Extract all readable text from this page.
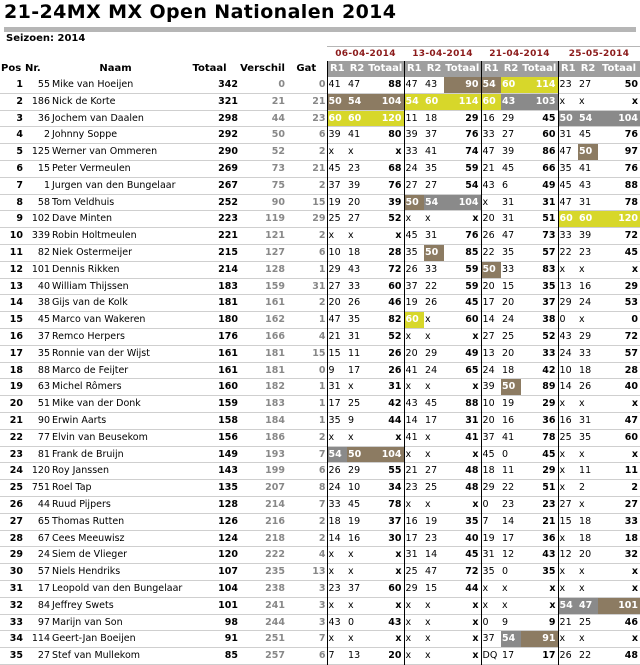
21-24MX MX Open Nationalen 2014
Seizoen: 2014
						06-04-2014			13-04-2014			21-04-2014			25-05-2014		
Pos	Nr.	Naam	Totaal	Verschil	Gat	R1	R2	Totaal	R1	R2	Totaal	R1	R2	Totaal	R1	R2	Totaal
1	55	Mike van Hoeijen	342	0	0	41	47	88	47	43	90	54	60	114	23	27	50
2	186	Nick de Korte	321	21	21	50	54	104	54	60	114	60	43	103	x	x	x
3	36	Jochem van Daalen	298	44	23	60	60	120	11	18	29	16	29	45	50	54	104
4	2	Johnny Soppe	292	50	6	39	41	80	39	37	76	33	27	60	31	45	76
5	125	Werner van Ommeren	290	52	2	x	x	x	33	41	74	47	39	86	47	50	97
6	15	Peter Vermeulen	269	73	21	45	23	68	24	35	59	21	45	66	35	41	76
7	1	Jurgen van den Bungelaar	267	75	2	37	39	76	27	27	54	43	6	49	45	43	88
8	58	Tom Veldhuis	252	90	15	19	20	39	50	54	104	x	31	31	47	31	78
9	102	Dave Minten	223	119	29	25	27	52	x	x	x	20	31	51	60	60	120
10	339	Robin Holtmeulen	221	121	2	x	x	x	45	31	76	26	47	73	33	39	72
11	82	Niek Ostermeijer	215	127	6	10	18	28	35	50	85	22	35	57	22	23	45
12	101	Dennis Rikken	214	128	1	29	43	72	26	33	59	50	33	83	x	x	x
13	40	William Thijssen	183	159	31	27	33	60	37	22	59	20	15	35	13	16	29
14	38	Gijs van de Kolk	181	161	2	20	26	46	19	26	45	17	20	37	29	24	53
15	45	Marco van Wakeren	180	162	1	47	35	82	60	x	60	14	24	38	0	x	0
16	37	Remco Herpers	176	166	4	21	31	52	x	x	x	27	25	52	43	29	72
17	35	Ronnie van der Wijst	161	181	15	15	11	26	20	29	49	13	20	33	24	33	57
18	88	Marco de Feijter	161	181	0	9	17	26	41	24	65	24	18	42	10	18	28
19	63	Michel Rômers	160	182	1	31	x	31	x	x	x	39	50	89	14	26	40
20	51	Mike van der Donk	159	183	1	17	25	42	43	45	88	10	19	29	x	x	x
21	90	Erwin Aarts	158	184	1	35	9	44	14	17	31	20	16	36	16	31	47
22	77	Elvin van Beusekom	156	186	2	x	x	x	41	x	41	37	41	78	25	35	60
23	81	Frank de Bruijn	149	193	7	54	50	104	x	x	x	45	0	45	x	x	x
24	120	Roy Janssen	143	199	6	26	29	55	21	27	48	18	11	29	x	11	11
25	751	Roel Tap	135	207	8	24	10	34	23	25	48	29	22	51	x	2	2
26	44	Ruud Pijpers	128	214	7	33	45	78	x	x	x	0	23	23	27	x	27
27	65	Thomas Rutten	126	216	2	18	19	37	16	19	35	7	14	21	15	18	33
28	67	Cees Meeuwisz	124	218	2	14	16	30	17	23	40	19	17	36	x	18	18
29	24	Siem de Vlieger	120	222	4	x	x	x	31	14	45	31	12	43	12	20	32
30	57	Niels Hendriks	107	235	13	x	x	x	25	47	72	35	0	35	x	x	x
31	17	Leopold van den Bungelaar	104	238	3	23	37	60	29	15	44	x	x	x	x	x	x
32	84	Jeffrey Swets	101	241	3	x	x	x	x	x	x	x	x	x	54	47	101
33	97	Marijn van Son	98	244	3	43	0	43	x	x	x	0	9	9	21	25	46
34	114	Geert-Jan Boeijen	91	251	7	x	x	x	x	x	x	37	54	91	x	x	x
35	27	Stef van Mullekom	85	257	6	7	13	20	x	x	x	DQ	17	17	26	22	48
